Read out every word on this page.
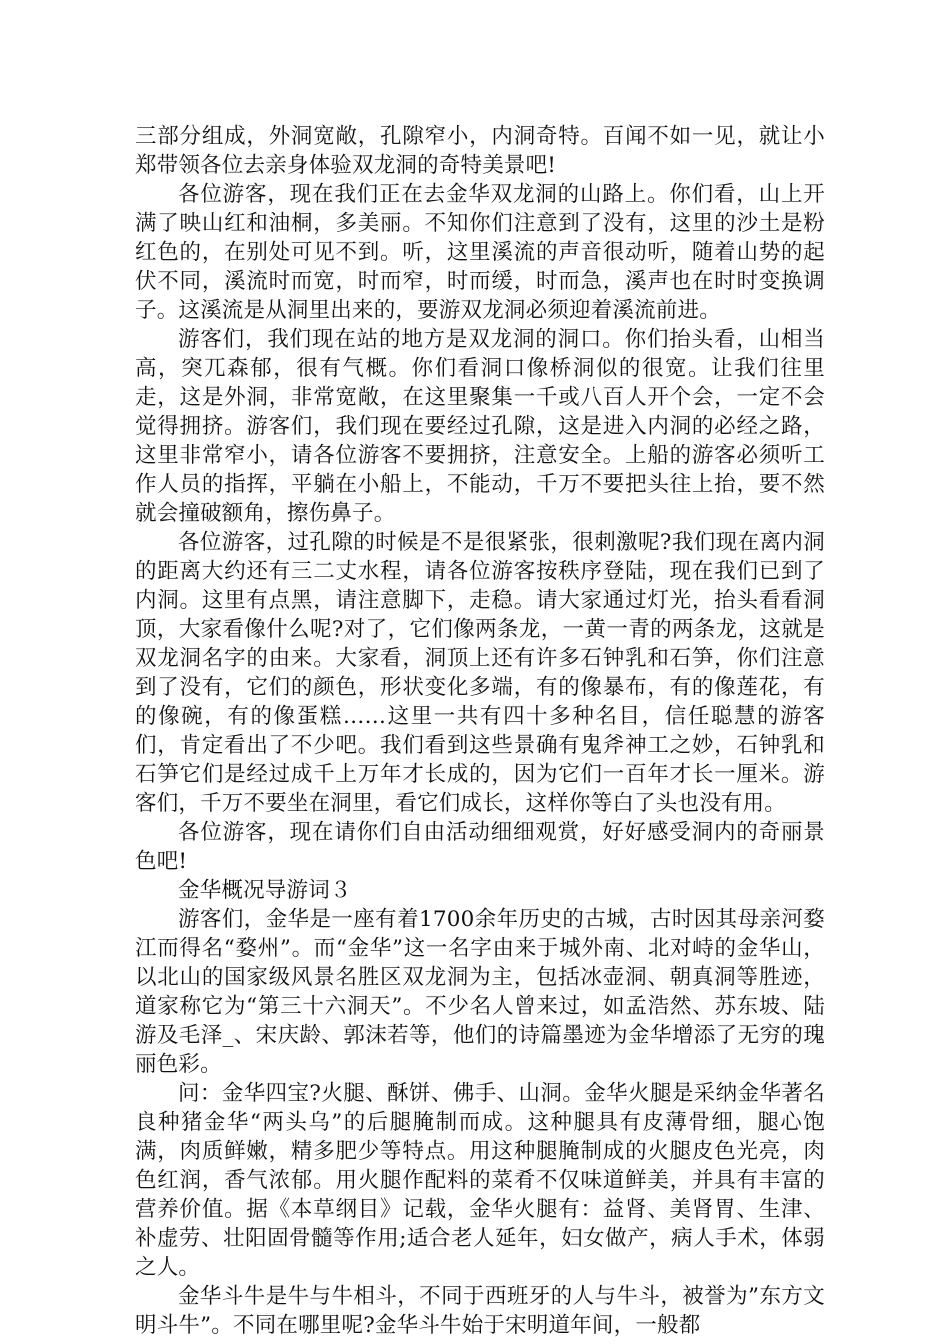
三部分组成，外洞宽敞，孔隙窄小，内洞奇特。百闻不如一见，就让小郑带领各位去亲身体验双龙洞的奇特美景吧!

各位游客，现在我们正在去金华双龙洞的山路上。你们看，山上开满了映山红和油桐，多美丽。不知你们注意到了没有，这里的沙土是粉红色的，在别处可见不到。听，这里溪流的声音很动听，随着山势的起伏不同，溪流时而宽，时而窄，时而缓，时而急，溪声也在时时变换调子。这溪流是从洞里出来的，要游双龙洞必须迎着溪流前进。

游客们，我们现在站的地方是双龙洞的洞口。你们抬头看，山相当高，突兀森郁，很有气概。你们看洞口像桥洞似的很宽。让我们往里走，这是外洞，非常宽敞，在这里聚集一千或八百人开个会，一定不会觉得拥挤。游客们，我们现在要经过孔隙，这是进入内洞的必经之路，这里非常窄小，请各位游客不要拥挤，注意安全。上船的游客必须听工作人员的指挥，平躺在小船上，不能动，千万不要把头往上抬，要不然就会撞破额角，擦伤鼻子。

各位游客，过孔隙的时候是不是很紧张，很刺激呢?我们现在离内洞的距离大约还有三二丈水程，请各位游客按秩序登陆，现在我们已到了内洞。这里有点黑，请注意脚下，走稳。请大家通过灯光，抬头看看洞顶，大家看像什么呢?对了，它们像两条龙，一黄一青的两条龙，这就是双龙洞名字的由来。大家看，洞顶上还有许多石钟乳和石笋，你们注意到了没有，它们的颜色，形状变化多端，有的像暴布，有的像莲花，有的像碗，有的像蛋糕……这里一共有四十多种名目，信任聪慧的游客们，肯定看出了不少吧。我们看到这些景确有鬼斧神工之妙，石钟乳和石笋它们是经过成千上万年才长成的，因为它们一百年才长一厘米。游客们，千万不要坐在洞里，看它们成长，这样你等白了头也没有用。

各位游客，现在请你们自由活动细细观赏，好好感受洞内的奇丽景色吧!

金华概况导游词３

游客们，金华是一座有着1700余年历史的古城，古时因其母亲河婺江而得名“婺州”。而“金华”这一名字由来于城外南、北对峙的金华山，以北山的国家级风景名胜区双龙洞为主，包括冰壶洞、朝真洞等胜迹，道家称它为“第三十六洞天”。不少名人曾来过，如孟浩然、苏东坡、陆游及毛泽_、宋庆龄、郭沫若等，他们的诗篇墨迹为金华增添了无穷的瑰丽色彩。

问：金华四宝?火腿、酥饼、佛手、山洞。金华火腿是采纳金华著名良种猪金华“两头乌”的后腿腌制而成。这种腿具有皮薄骨细，腿心饱满，肉质鲜嫩，精多肥少等特点。用这种腿腌制成的火腿皮色光亮，肉色红润，香气浓郁。用火腿作配料的菜肴不仅味道鲜美，并具有丰富的营养价值。据《本草纲目》记载，金华火腿有：益肾、美肾胃、生津、补虚劳、壮阳固骨髓等作用;适合老人延年，妇女做产，病人手术，体弱之人。

金华斗牛是牛与牛相斗，不同于西班牙的人与牛斗，被誉为”东方文明斗牛”。不同在哪里呢?金华斗牛始于宋明道年间，一般都
